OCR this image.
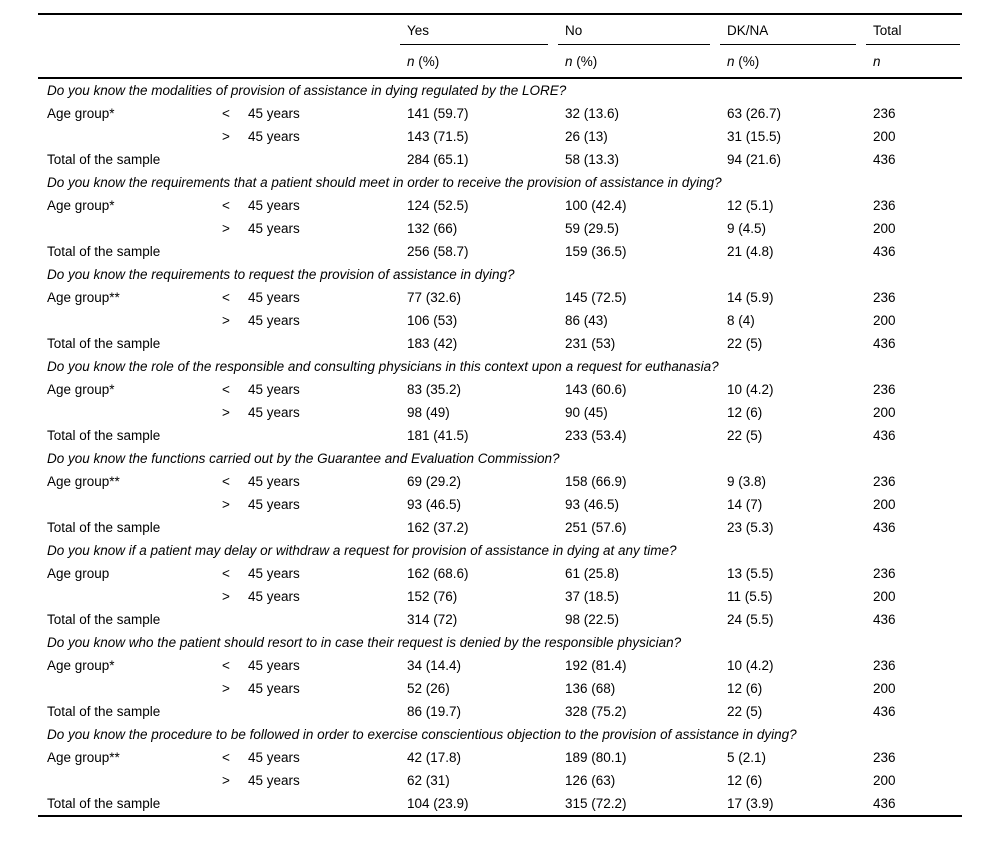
			Yes	No	DK/NA	Total
			n (%)	n (%)	n (%)	n
Do you know the modalities of provision of assistance in dying regulated by the LORE?						
Age group*	<	45 years	141 (59.7)	32 (13.6)	63 (26.7)	236
	>	45 years	143 (71.5)	26 (13)	31 (15.5)	200
Total of the sample			284 (65.1)	58 (13.3)	94 (21.6)	436
Do you know the requirements that a patient should meet in order to receive the provision of assistance in dying?						
Age group*	<	45 years	124 (52.5)	100 (42.4)	12 (5.1)	236
	>	45 years	132 (66)	59 (29.5)	9 (4.5)	200
Total of the sample			256 (58.7)	159 (36.5)	21 (4.8)	436
Do you know the requirements to request the provision of assistance in dying?						
Age group**	<	45 years	77 (32.6)	145 (72.5)	14 (5.9)	236
	>	45 years	106 (53)	86 (43)	8 (4)	200
Total of the sample			183 (42)	231 (53)	22 (5)	436
Do you know the role of the responsible and consulting physicians in this context upon a request for euthanasia?						
Age group*	<	45 years	83 (35.2)	143 (60.6)	10 (4.2)	236
	>	45 years	98 (49)	90 (45)	12 (6)	200
Total of the sample			181 (41.5)	233 (53.4)	22 (5)	436
Do you know the functions carried out by the Guarantee and Evaluation Commission?						
Age group**	<	45 years	69 (29.2)	158 (66.9)	9 (3.8)	236
	>	45 years	93 (46.5)	93 (46.5)	14 (7)	200
Total of the sample			162 (37.2)	251 (57.6)	23 (5.3)	436
Do you know if a patient may delay or withdraw a request for provision of assistance in dying at any time?						
Age group	<	45 years	162 (68.6)	61 (25.8)	13 (5.5)	236
	>	45 years	152 (76)	37 (18.5)	11 (5.5)	200
Total of the sample			314 (72)	98 (22.5)	24 (5.5)	436
Do you know who the patient should resort to in case their request is denied by the responsible physician?						
Age group*	<	45 years	34 (14.4)	192 (81.4)	10 (4.2)	236
	>	45 years	52 (26)	136 (68)	12 (6)	200
Total of the sample			86 (19.7)	328 (75.2)	22 (5)	436
Do you know the procedure to be followed in order to exercise conscientious objection to the provision of assistance in dying?						
Age group**	<	45 years	42 (17.8)	189 (80.1)	5 (2.1)	236
	>	45 years	62 (31)	126 (63)	12 (6)	200
Total of the sample			104 (23.9)	315 (72.2)	17 (3.9)	436
